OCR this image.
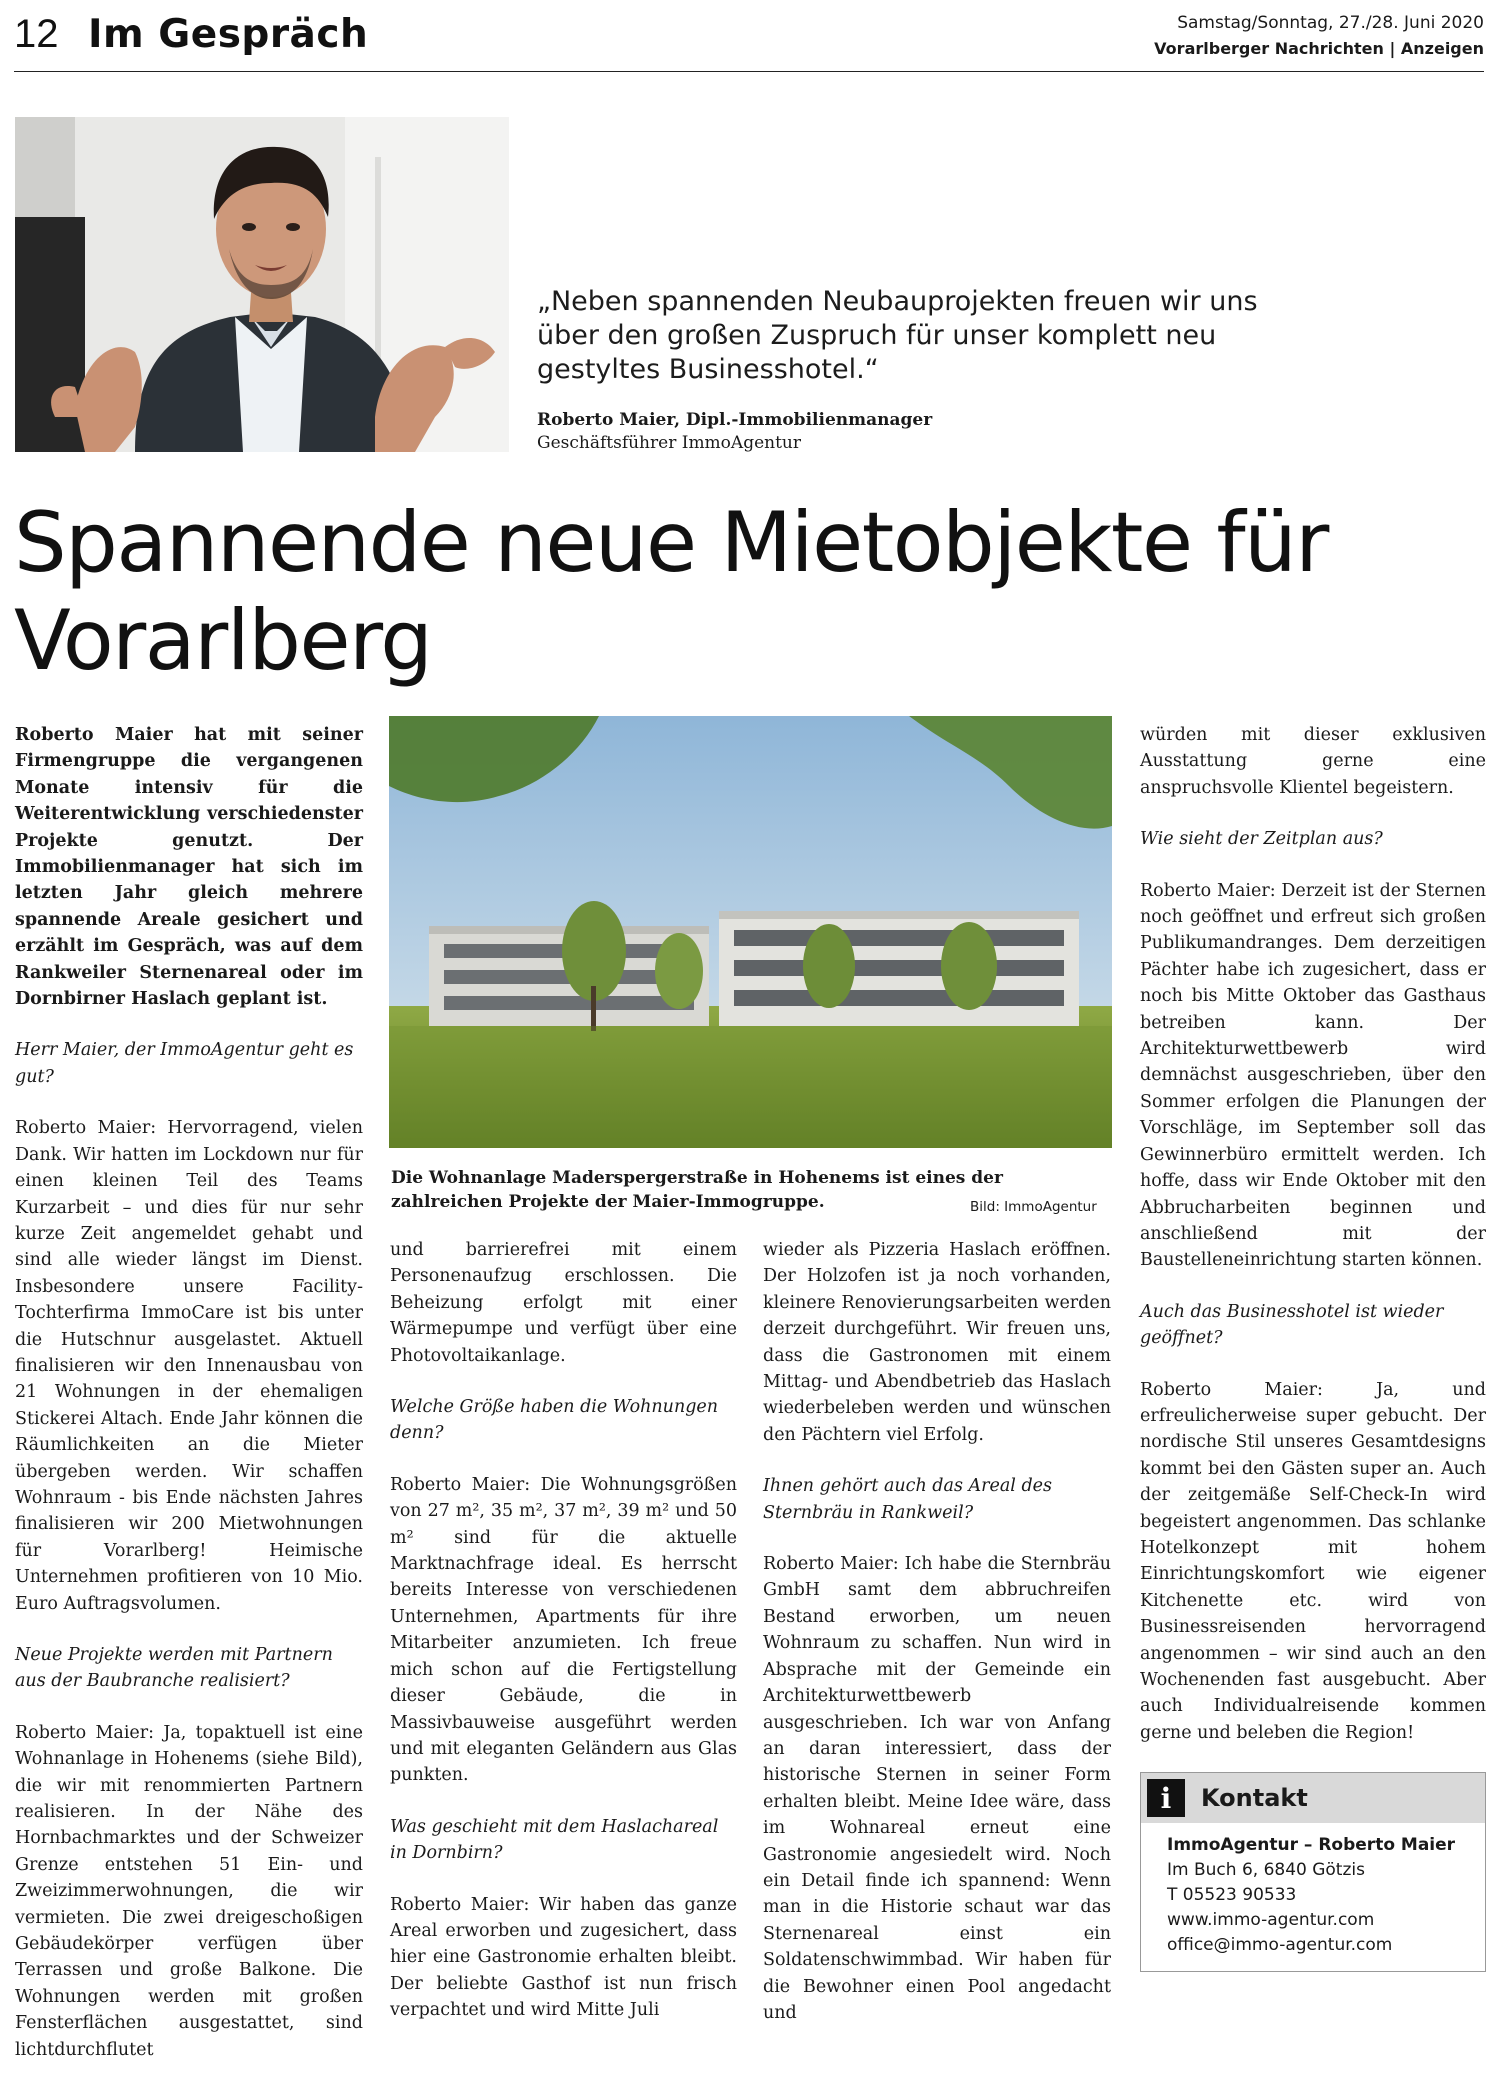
12 Im Gespräch	Samstag/Sonntag, 27./28. Juni 2020
Vorarlberger Nachrichten | Anzeigen
„Neben spannenden Neubauprojekten freuen wir uns über den großen Zuspruch für unser komplett neu gestyltes Businesshotel.“
Roberto Maier, Dipl.-Immobilienmanager
Geschäftsführer ImmoAgentur
Spannende neue Mietobjekte für Vorarlberg

Roberto Maier hat mit seiner Firmengruppe die vergangenen Monate intensiv für die Weiterentwicklung verschiedenster Projekte genutzt. Der Immobilienmanager hat sich im letzten Jahr gleich mehrere spannende Areale gesichert und erzählt im Gespräch, was auf dem Rankweiler Sternenareal oder im Dornbirner Haslach geplant ist.

Herr Maier, der ImmoAgentur geht es gut?

Roberto Maier: Hervorragend, vielen Dank. Wir hatten im Lockdown nur für einen kleinen Teil des Teams Kurzarbeit – und dies für nur sehr kurze Zeit angemeldet gehabt und sind alle wieder längst im Dienst. Insbesondere unsere Facility-Tochterfirma ImmoCare ist bis unter die Hutschnur ausgelastet. Aktuell finalisieren wir den Innenausbau von 21 Wohnungen in der ehemaligen Stickerei Altach. Ende Jahr können die Räumlichkeiten an die Mieter übergeben werden. Wir schaffen Wohnraum - bis Ende nächsten Jahres finalisieren wir 200 Mietwohnungen für Vorarlberg! Heimische Unternehmen profitieren von 10 Mio. Euro Auftragsvolumen.

Neue Projekte werden mit Partnern aus der Baubranche realisiert?

Roberto Maier: Ja, topaktuell ist eine Wohnanlage in Hohenems (siehe Bild), die wir mit renommierten Partnern realisieren. In der Nähe des Hornbachmarktes und der Schweizer Grenze entstehen 51 Ein- und Zweizimmerwohnungen, die wir vermieten. Die zwei dreigeschoßigen Gebäudekörper verfügen über Terrassen und große Balkone. Die Wohnungen werden mit großen Fensterflächen ausgestattet, sind lichtdurchflutet

Die Wohnanlage Maderspergerstraße in Hohenems ist eines der zahlreichen Projekte der Maier-Immogruppe.	Bild: ImmoAgentur

und barrierefrei mit einem Personenaufzug erschlossen. Die Beheizung erfolgt mit einer Wärmepumpe und verfügt über eine Photovoltaikanlage.

Welche Größe haben die Wohnungen denn?

Roberto Maier: Die Wohnungsgrößen von 27 m², 35 m², 37 m², 39 m² und 50 m² sind für die aktuelle Marktnachfrage ideal. Es herrscht bereits Interesse von verschiedenen Unternehmen, Apartments für ihre Mitarbeiter anzumieten. Ich freue mich schon auf die Fertigstellung dieser Gebäude, die in Massivbauweise ausgeführt werden und mit eleganten Geländern aus Glas punkten.

Was geschieht mit dem Haslachareal in Dornbirn?

Roberto Maier: Wir haben das ganze Areal erworben und zugesichert, dass hier eine Gastronomie erhalten bleibt. Der beliebte Gasthof ist nun frisch verpachtet und wird Mitte Juli

wieder als Pizzeria Haslach eröffnen. Der Holzofen ist ja noch vorhanden, kleinere Renovierungsarbeiten werden derzeit durchgeführt. Wir freuen uns, dass die Gastronomen mit einem Mittag- und Abendbetrieb das Haslach wiederbeleben werden und wünschen den Pächtern viel Erfolg.

Ihnen gehört auch das Areal des Sternbräu in Rankweil?

Roberto Maier: Ich habe die Sternbräu GmbH samt dem abbruchreifen Bestand erworben, um neuen Wohnraum zu schaffen. Nun wird in Absprache mit der Gemeinde ein Architekturwettbewerb ausgeschrieben. Ich war von Anfang an daran interessiert, dass der historische Sternen in seiner Form erhalten bleibt. Meine Idee wäre, dass im Wohnareal erneut eine Gastronomie angesiedelt wird. Noch ein Detail finde ich spannend: Wenn man in die Historie schaut war das Sternenareal einst ein Soldatenschwimmbad. Wir haben für die Bewohner einen Pool angedacht und

würden mit dieser exklusiven Ausstattung gerne eine anspruchsvolle Klientel begeistern.

Wie sieht der Zeitplan aus?

Roberto Maier: Derzeit ist der Sternen noch geöffnet und erfreut sich großen Publikumandranges. Dem derzeitigen Pächter habe ich zugesichert, dass er noch bis Mitte Oktober das Gasthaus betreiben kann. Der Architekturwettbewerb wird demnächst ausgeschrieben, über den Sommer erfolgen die Planungen der Vorschläge, im September soll das Gewinnerbüro ermittelt werden. Ich hoffe, dass wir Ende Oktober mit den Abbrucharbeiten beginnen und anschließend mit der Baustelleneinrichtung starten können.

Auch das Businesshotel ist wieder geöffnet?

Roberto Maier: Ja, und erfreulicherweise super gebucht. Der nordische Stil unseres Gesamtdesigns kommt bei den Gästen super an. Auch der zeitgemäße Self-Check-In wird begeistert angenommen. Das schlanke Hotelkonzept mit hohem Einrichtungskomfort wie eigener Kitchenette etc. wird von Businessreisenden hervorragend angenommen – wir sind auch an den Wochenenden fast ausgebucht. Aber auch Individualreisende kommen gerne und beleben die Region!

i	Kontakt
ImmoAgentur – Roberto Maier
Im Buch 6, 6840 Götzis
T 05523 90533
www.immo-agentur.com
office@immo-agentur.com
